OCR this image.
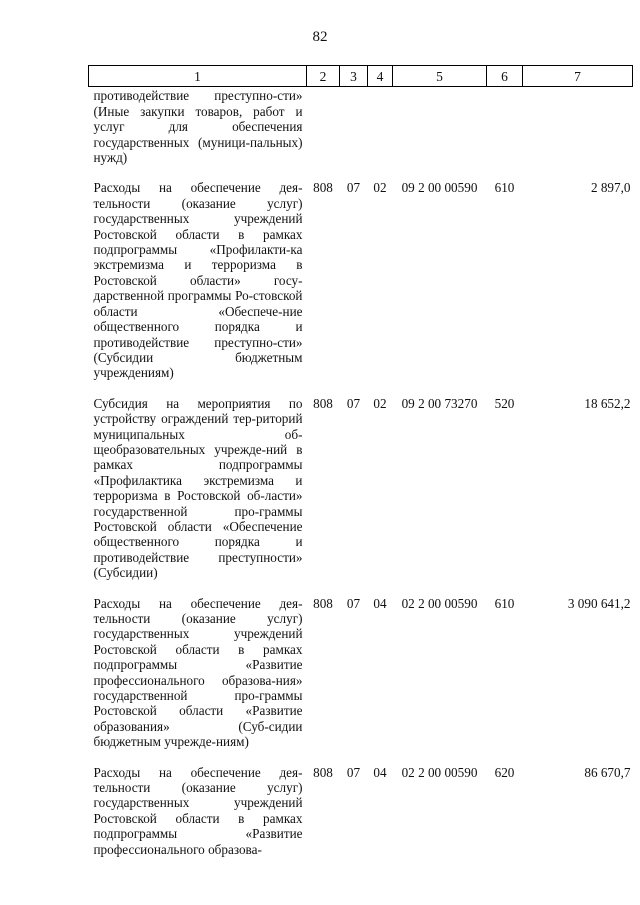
82
1	2	3	4	5	6	7
противодействие преступно-сти» (Иные закупки товаров, работ и услуг для обеспечения государственных (муници-пальных) нужд)						
Расходы на обеспечение дея-тельности (оказание услуг) государственных учреждений Ростовской области в рамках подпрограммы «Профилакти-ка экстремизма и терроризма в Ростовской области» госу-дарственной программы Ро-стовской области «Обеспече-ние общественного порядка и противодействие преступно-сти» (Субсидии бюджетным учреждениям)	808	07	02	09 2 00 00590	610	2 897,0
Субсидия на мероприятия по устройству ограждений тер-риторий муниципальных об-щеобразовательных учрежде-ний в рамках подпрограммы «Профилактика экстремизма и терроризма в Ростовской об-ласти» государственной про-граммы Ростовской области «Обеспечение общественного порядка и противодействие преступности» (Субсидии)	808	07	02	09 2 00 73270	520	18 652,2
Расходы на обеспечение дея-тельности (оказание услуг) государственных учреждений Ростовской области в рамках подпрограммы «Развитие профессионального образова-ния» государственной про-граммы Ростовской области «Развитие образования» (Суб-сидии бюджетным учрежде-ниям)	808	07	04	02 2 00 00590	610	3 090 641,2
Расходы на обеспечение дея-тельности (оказание услуг) государственных учреждений Ростовской области в рамках подпрограммы «Развитие профессионального образова-	808	07	04	02 2 00 00590	620	86 670,7
